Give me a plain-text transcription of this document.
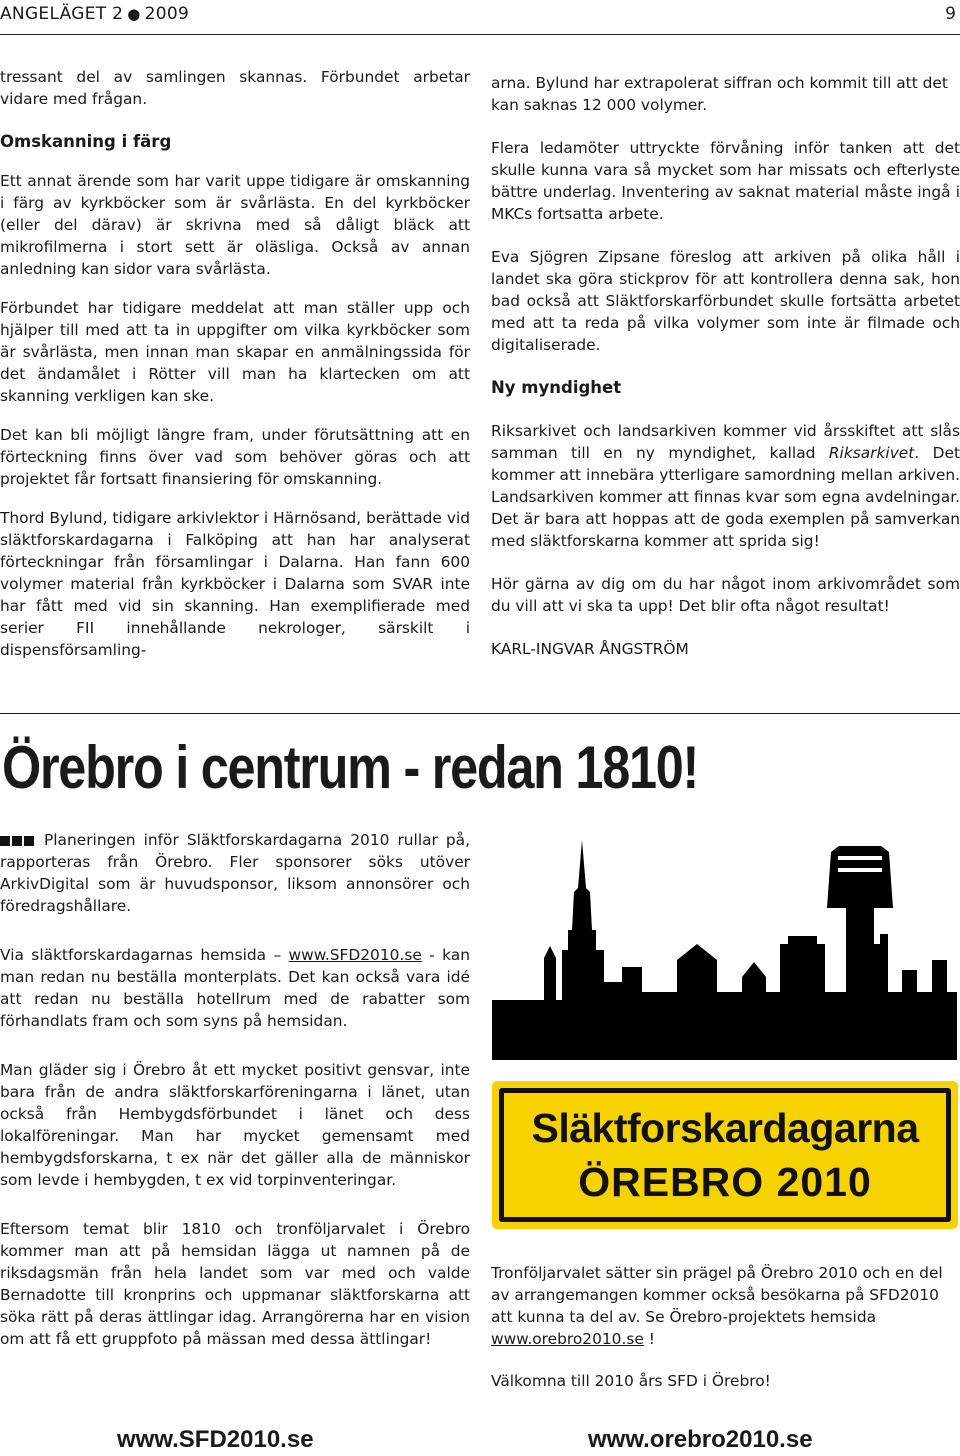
ANGELÄGET 2 ● 2009	9

tressant del av samlingen skannas. Förbundet arbetar vidare med frågan.

Omskanning i färg

Ett annat ärende som har varit uppe tidigare är omskanning i färg av kyrkböcker som är svårlästa. En del kyrkböcker (eller del därav) är skrivna med så dåligt bläck att mikrofilmerna i stort sett är oläsliga. Också av annan anledning kan sidor vara svårlästa.

Förbundet har tidigare meddelat att man ställer upp och hjälper till med att ta in uppgifter om vilka kyrkböcker som är svårlästa, men innan man skapar en anmälningssida för det ändamålet i Rötter vill man ha klartecken om att skanning verkligen kan ske.

Det kan bli möjligt längre fram, under förutsättning att en förteckning finns över vad som behöver göras och att projektet får fortsatt finansiering för omskanning.

Thord Bylund, tidigare arkivlektor i Härnösand, berättade vid släktforskardagarna i Falköping att han har analyserat förteckningar från församlingar i Dalarna. Han fann 600 volymer material från kyrkböcker i Dalarna som SVAR inte har fått med vid sin skanning. Han exemplifierade med serier FII innehållande nekrologer, särskilt i dispensförsamling-

arna. Bylund har extrapolerat siffran och kommit till att det kan saknas 12 000 volymer.

Flera ledamöter uttryckte förvåning inför tanken att det skulle kunna vara så mycket som har missats och efterlyste bättre underlag. Inventering av saknat material måste ingå i MKCs fortsatta arbete.

Eva Sjögren Zipsane föreslog att arkiven på olika håll i landet ska göra stickprov för att kontrollera denna sak, hon bad också att Släktforskarförbundet skulle fortsätta arbetet med att ta reda på vilka volymer som inte är filmade och digitaliserade.

Ny myndighet

Riksarkivet och landsarkiven kommer vid årsskiftet att slås samman till en ny myndighet, kallad Riksarkivet. Det kommer att innebära ytterligare samordning mellan arkiven. Landsarkiven kommer att finnas kvar som egna avdelningar. Det är bara att hoppas att de goda exemplen på samverkan med släktforskarna kommer att sprida sig!

Hör gärna av dig om du har något inom arkivområdet som du vill att vi ska ta upp! Det blir ofta något resultat!

KARL-INGVAR ÅNGSTRÖM

Örebro i centrum - redan 1810!

Planeringen inför Släktforskardagarna 2010 rullar på, rapporteras från Örebro. Fler sponsorer söks utöver ArkivDigital som är huvudsponsor, liksom annonsörer och föredragshållare.

Via släktforskardagarnas hemsida – www.SFD2010.se - kan man redan nu beställa monterplats. Det kan också vara idé att redan nu beställa hotellrum med de rabatter som förhandlats fram och som syns på hemsidan.

Man gläder sig i Örebro åt ett mycket positivt gensvar, inte bara från de andra släktforskarföreningarna i länet, utan också från Hembygdsförbundet i länet och dess lokalföreningar. Man har mycket gemensamt med hembygdsforskarna, t ex när det gäller alla de människor som levde i hembygden, t ex vid torpinventeringar.

Eftersom temat blir 1810 och tronföljarvalet i Örebro kommer man att på hemsidan lägga ut namnen på de riksdagsmän från hela landet som var med och valde Bernadotte till kronprins och uppmanar släktforskarna att söka rätt på deras ättlingar idag. Arrangörerna har en vision om att få ett gruppfoto på mässan med dessa ättlingar!

Släktforskardagarna
ÖREBRO 2010

Tronföljarvalet sätter sin prägel på Örebro 2010 och en del av arrangemangen kommer också besökarna på SFD2010 att kunna ta del av. Se Örebro-projektets hemsida www.orebro2010.se !

Välkomna till 2010 års SFD i Örebro!

www.SFD2010.se	www.orebro2010.se
